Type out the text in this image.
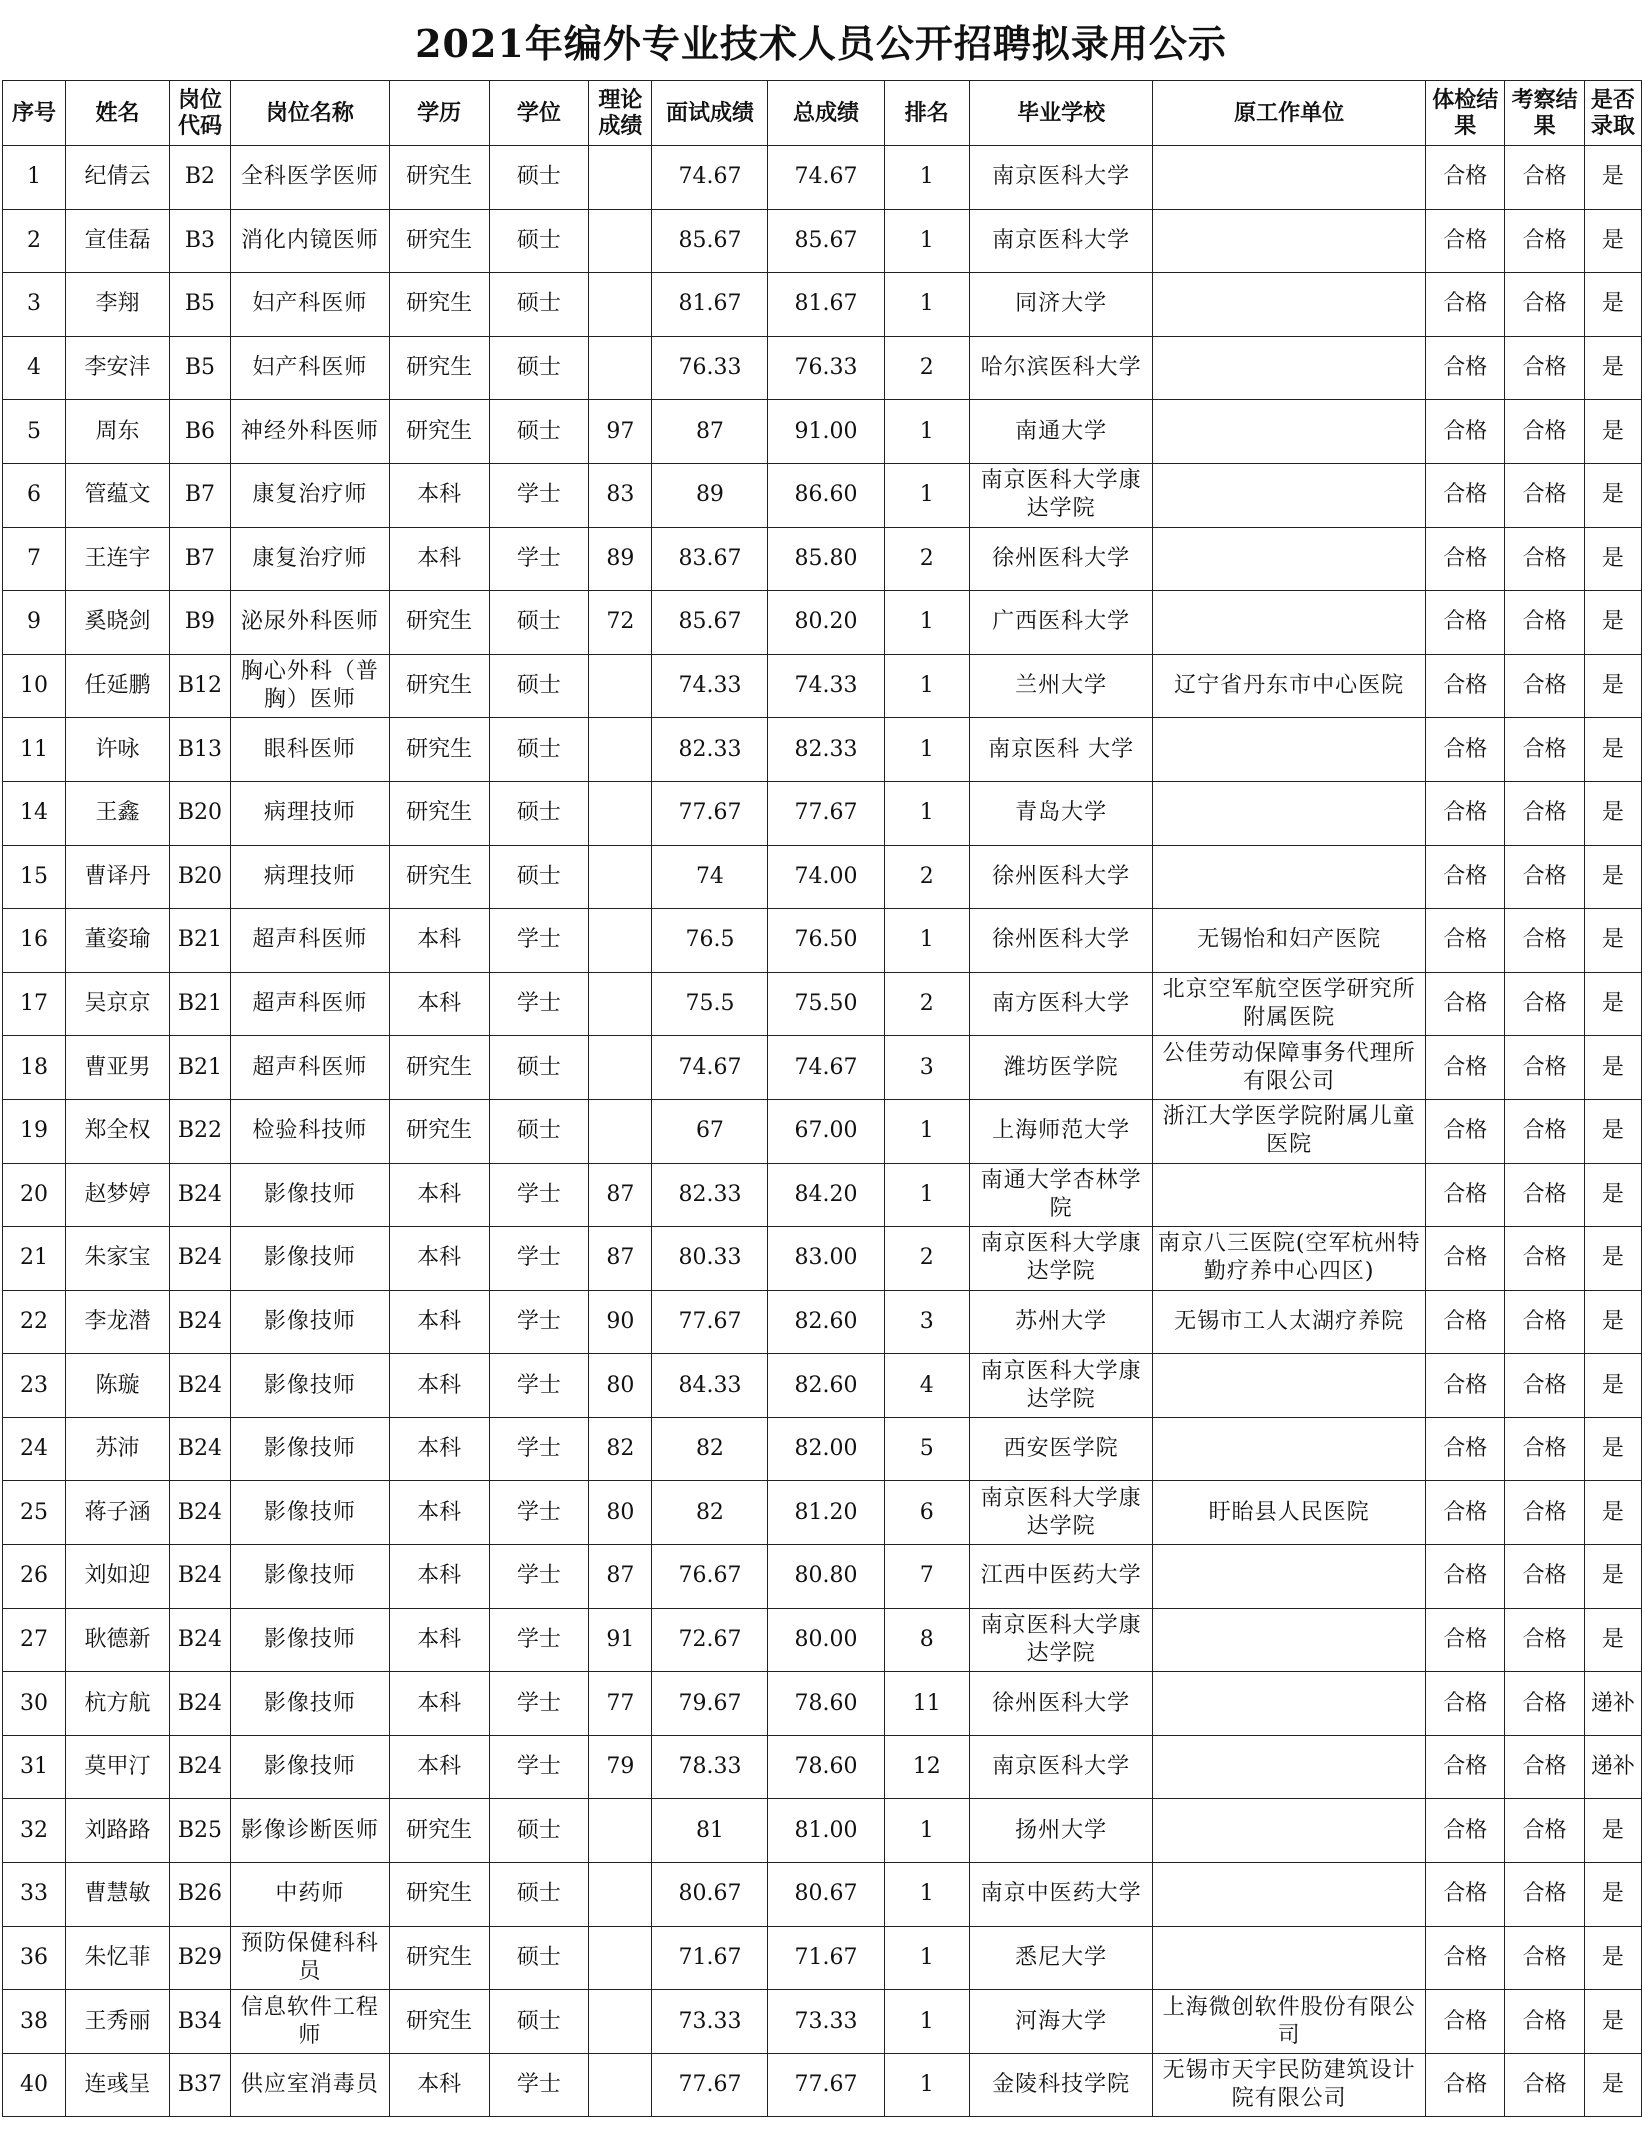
2021年编外专业技术人员公开招聘拟录用公示
序号	姓名	岗位代码	岗位名称	学历	学位	理论成绩	面试成绩	总成绩	排名	毕业学校	原工作单位	体检结果	考察结果	是否录取
1	纪倩云	B2	全科医学医师	研究生	硕士		74.67	74.67	1	南京医科大学		合格	合格	是
2	宣佳磊	B3	消化内镜医师	研究生	硕士		85.67	85.67	1	南京医科大学		合格	合格	是
3	李翔	B5	妇产科医师	研究生	硕士		81.67	81.67	1	同济大学		合格	合格	是
4	李安沣	B5	妇产科医师	研究生	硕士		76.33	76.33	2	哈尔滨医科大学		合格	合格	是
5	周东	B6	神经外科医师	研究生	硕士	97	87	91.00	1	南通大学		合格	合格	是
6	管蕴文	B7	康复治疗师	本科	学士	83	89	86.60	1	南京医科大学康达学院		合格	合格	是
7	王连宇	B7	康复治疗师	本科	学士	89	83.67	85.80	2	徐州医科大学		合格	合格	是
9	奚晓剑	B9	泌尿外科医师	研究生	硕士	72	85.67	80.20	1	广西医科大学		合格	合格	是
10	任延鹏	B12	胸心外科（普胸）医师	研究生	硕士		74.33	74.33	1	兰州大学	辽宁省丹东市中心医院	合格	合格	是
11	许咏	B13	眼科医师	研究生	硕士		82.33	82.33	1	南京医科 大学		合格	合格	是
14	王鑫	B20	病理技师	研究生	硕士		77.67	77.67	1	青岛大学		合格	合格	是
15	曹译丹	B20	病理技师	研究生	硕士		74	74.00	2	徐州医科大学		合格	合格	是
16	董姿瑜	B21	超声科医师	本科	学士		76.5	76.50	1	徐州医科大学	无锡怡和妇产医院	合格	合格	是
17	吴京京	B21	超声科医师	本科	学士		75.5	75.50	2	南方医科大学	北京空军航空医学研究所附属医院	合格	合格	是
18	曹亚男	B21	超声科医师	研究生	硕士		74.67	74.67	3	潍坊医学院	公佳劳动保障事务代理所有限公司	合格	合格	是
19	郑全权	B22	检验科技师	研究生	硕士		67	67.00	1	上海师范大学	浙江大学医学院附属儿童医院	合格	合格	是
20	赵梦婷	B24	影像技师	本科	学士	87	82.33	84.20	1	南通大学杏林学院		合格	合格	是
21	朱家宝	B24	影像技师	本科	学士	87	80.33	83.00	2	南京医科大学康达学院	南京八三医院(空军杭州特勤疗养中心四区)	合格	合格	是
22	李龙潜	B24	影像技师	本科	学士	90	77.67	82.60	3	苏州大学	无锡市工人太湖疗养院	合格	合格	是
23	陈璇	B24	影像技师	本科	学士	80	84.33	82.60	4	南京医科大学康达学院		合格	合格	是
24	苏沛	B24	影像技师	本科	学士	82	82	82.00	5	西安医学院		合格	合格	是
25	蒋子涵	B24	影像技师	本科	学士	80	82	81.20	6	南京医科大学康达学院	盱眙县人民医院	合格	合格	是
26	刘如迎	B24	影像技师	本科	学士	87	76.67	80.80	7	江西中医药大学		合格	合格	是
27	耿德新	B24	影像技师	本科	学士	91	72.67	80.00	8	南京医科大学康达学院		合格	合格	是
30	杭方航	B24	影像技师	本科	学士	77	79.67	78.60	11	徐州医科大学		合格	合格	递补
31	莫甲汀	B24	影像技师	本科	学士	79	78.33	78.60	12	南京医科大学		合格	合格	递补
32	刘路路	B25	影像诊断医师	研究生	硕士		81	81.00	1	扬州大学		合格	合格	是
33	曹慧敏	B26	中药师	研究生	硕士		80.67	80.67	1	南京中医药大学		合格	合格	是
36	朱忆菲	B29	预防保健科科员	研究生	硕士		71.67	71.67	1	悉尼大学		合格	合格	是
38	王秀丽	B34	信息软件工程师	研究生	硕士		73.33	73.33	1	河海大学	上海微创软件股份有限公司	合格	合格	是
40	连彧呈	B37	供应室消毒员	本科	学士		77.67	77.67	1	金陵科技学院	无锡市天宇民防建筑设计院有限公司	合格	合格	是
